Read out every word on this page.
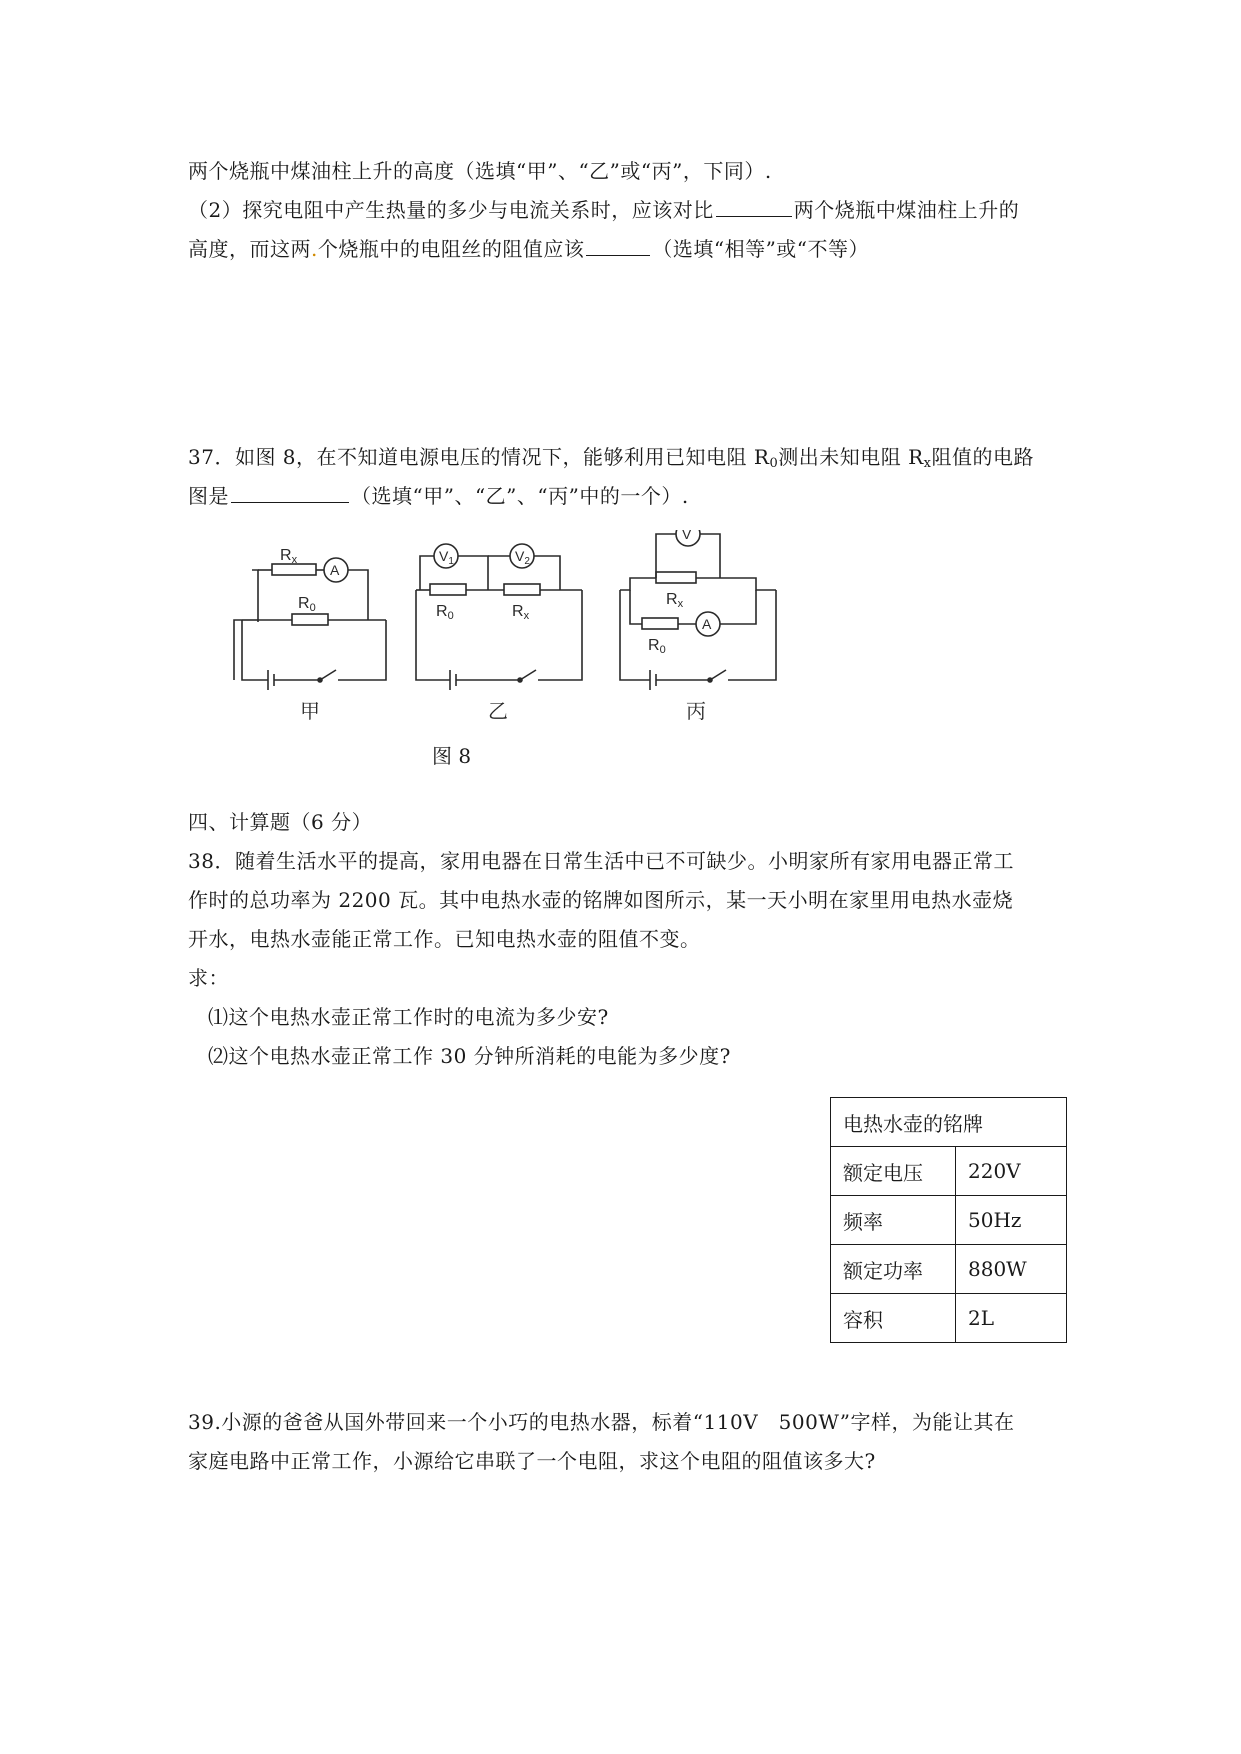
两个烧瓶中煤油柱上升的高度（选填“甲”、“乙”或“丙”，下同）.
（2）探究电阻中产生热量的多少与电流关系时，应该对比	两个烧瓶中煤油柱上升的
高度，而这两.个烧瓶中的电阻丝的阻值应该	（选填“相等”或“不等）
37．如图 8，在不知道电源电压的情况下，能够利用已知电阻 $R_0$测出未知电阻 $R_x$阻值的电路
图是	（选填“甲”、“乙”、“丙”中的一个）.
Rx
A
R0
甲
$V_1$	$V_2$
R0	Rx
乙
V
Rx
A
R0
丙
图 8
四、计算题（6 分）
38．随着生活水平的提高，家用电器在日常生活中已不可缺少。小明家所有家用电器正常工
作时的总功率为 2200 瓦。其中电热水壶的铭牌如图所示，某一天小明在家里用电热水壶烧
开水，电热水壶能正常工作。已知电热水壶的阻值不变。
求：
⑴这个电热水壶正常工作时的电流为多少安?
⑵这个电热水壶正常工作 30 分钟所消耗的电能为多少度?
电热水壶的铭牌	
额定电压	220V
频率	50Hz
额定功率	880W
容积	2L
39.小源的爸爸从国外带回来一个小巧的电热水器，标着“110V　500W”字样，为能让其在
家庭电路中正常工作，小源给它串联了一个电阻，求这个电阻的阻值该多大?
